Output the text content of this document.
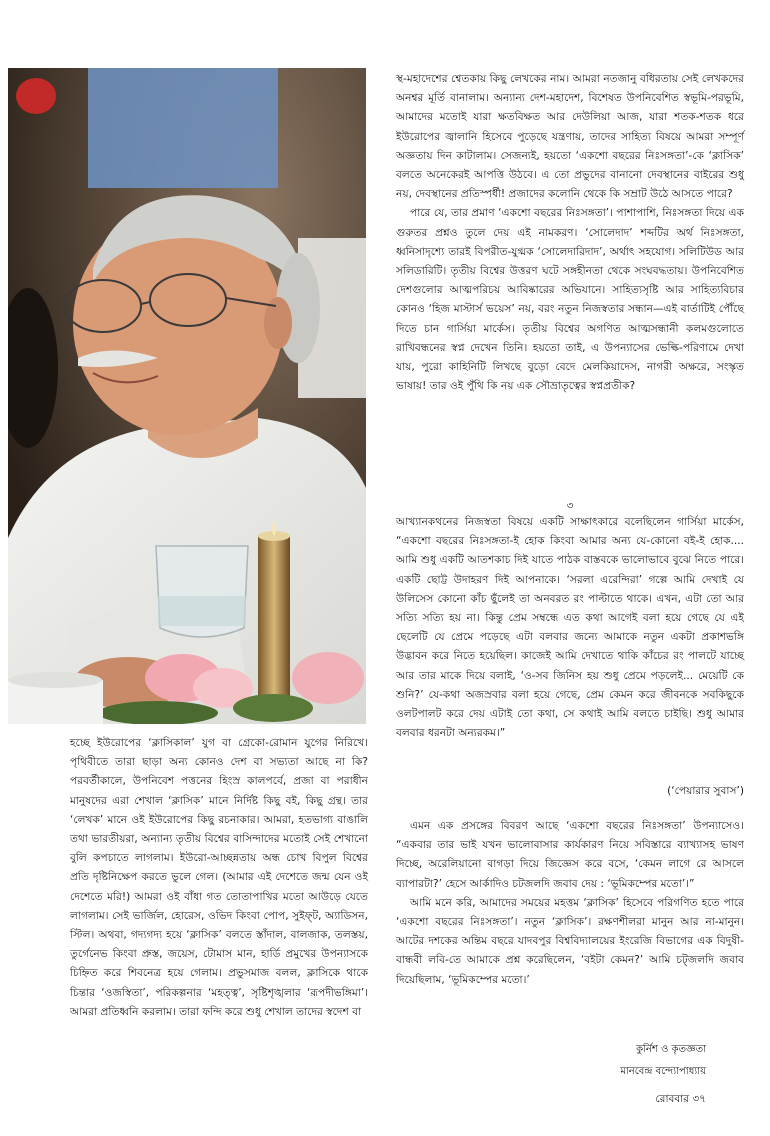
স্থ-মহাদেশের শ্বেতকায় কিছু লেখকের নাম। আমরা নতজানু বধিরতায় সেই লেখকদের অনশ্বর মূর্তি বানালাম। অন্যান্য দেশ-মহাদেশ, বিশেষত উপনিবেশিত স্বভূমি-পরভূমি, আমাদের মতোই যারা ক্ষতবিক্ষত আর দেউলিয়া আজ, যারা শতক-শতক ধরে ইউরোপের জ্বালানি হিসেবে পুড়েছে যন্ত্রণায়, তাদের সাহিত্য বিষয়ে আমরা সম্পূর্ণ অজ্ঞতায় দিন কাটালাম। সেজন্যই, হয়তো ‘একশো বছরের নিঃসঙ্গতা’-কে ‘ক্লাসিক’ বলতে অনেকেরই আপত্তি উঠবে। এ তো প্রভুদের বানানো দেবস্থানের বাইরের শুধু নয়, দেবস্থানের প্রতিস্পর্ধী! প্রজাদের কলোনি থেকে কি সম্রাট উঠে আসতে পারে?

পারে যে, তার প্রমাণ ‘একশো বছরের নিঃসঙ্গতা’। পাশাপাশি, নিঃসঙ্গতা দিয়ে এক গুরুতর প্রশ্নও তুলে দেয় এই নামকরণ। ‘সোলেদাদ’ শব্দটির অর্থ নিঃসঙ্গতা, ধ্বনিসাদৃশ্যে তারই বিপরীত-যুগ্মক ‘সোলেদারিদাদ’, অর্থাৎ সহযোগ। সলিটিউড আর সলিডারিটি। তৃতীয় বিশ্বের উত্তরণ ঘটে সঙ্গহীনতা থেকে সংঘবদ্ধতায়। উপনিবেশিত দেশগুলোর আত্মপরিচয় আবিষ্কারের অভিযানে। সাহিত্যসৃষ্টি আর সাহিত্যবিচার কোনও ‘হিজ মাস্টার্স ভয়েস’ নয়, বরং নতুন নিজস্বতার সন্ধান—এই বার্তাটিই পৌঁছে দিতে চান গার্সিয়া মার্কেস। তৃতীয় বিশ্বের অগণিত আত্মসন্ধানী কলমগুলোতে রাখিবন্ধনের স্বপ্ন দেখেন তিনি। হয়তো তাই, এ উপন্যাসের ভেল্কি-পরিণামে দেখা যায়, পুরো কাহিনিটি লিখছে বুড়ো বেদে মেলকিয়াদেস, নাগরী অক্ষরে, সংস্কৃত ভাষায়! তার ওই পুঁথি কি নয় এক সৌভ্রাতৃত্বের স্বপ্নপ্রতীক?

৩

আখ্যানকথনের নিজস্বতা বিষয়ে একটি সাক্ষাৎকারে বলেছিলেন গার্সিয়া মার্কেস, “একশো বছরের নিঃসঙ্গতা-ই হোক কিংবা আমার অন্য যে-কোনো বই-ই হোক.... আমি শুধু একটি আতশকাচ দিই যাতে পাঠক বাস্তবকে ভালোভাবে বুঝে নিতে পারে। একটি ছোট্ট উদাহরণ দিই আপনাকে। ‘সরলা এরেন্দিরা’ গল্পে আমি দেখাই যে উলিসেস কোনো কাঁচ ছুঁলেই তা অনবরত রং পাল্টাতে থাকে। এখন, এটা তো আর সত্যি সত্যি হয় না। কিন্তু প্রেম সম্বন্ধে এত কথা আগেই বলা হয়ে গেছে যে এই ছেলেটি যে প্রেমে পড়েছে এটা বলবার জন্যে আমাকে নতুন একটা প্রকাশভঙ্গি উদ্ভাবন করে নিতে হয়েছিল। কাজেই আমি দেখাতে থাকি কাঁচের রং পালটে যাচ্ছে আর তার মাকে দিয়ে বলাই, ‘ও-সব জিনিস হয় শুধু প্রেমে পড়লেই... মেয়েটি কে শুনি?’ যে-কথা অজস্রবার বলা হয়ে গেছে, প্রেম কেমন করে জীবনকে সবকিছুকে ওলটপালট করে দেয় এটাই তো কথা, সে কথাই আমি বলতে চাইছি। শুধু আমার বলবার ধরনটা অন্যরকম।”

(‘পেয়ারার সুবাস’)

এমন এক প্রসঙ্গের বিবরণ আছে ‘একশো বছরের নিঃসঙ্গতা’ উপন্যাসেও। “একবার তার ভাই যখন ভালোবাসার কার্যকারণ নিয়ে সবিস্তারে ব্যাখ্যাসহ ভাষণ দিচ্ছে, অরেলিয়ানো বাগড়া দিয়ে জিজ্ঞেস করে বসে, ‘কেমন লাগে রে আসলে ব্যাপারটা?’ হেসে আর্কাদিও চটজলদি জবাব দেয় : ‘ভূমিকম্পের মতো’।”

আমি মনে করি, আমাদের সময়ের মহত্তম ‘ক্লাসিক’ হিসেবে পরিগণিত হতে পারে ‘একশো বছরের নিঃসঙ্গতা’। নতুন ‘ক্লাসিক’। রক্ষণশীলরা মানুন আর না-মানুন। আটের দশকের অন্তিম বছরে যাদবপুর বিশ্ববিদ্যালয়ের ইংরেজি বিভাগের এক বিদুষী-বান্ধবী লবি-তে আমাকে প্রশ্ন করেছিলেন, ‘বইটা কেমন?’ আমি চট্‌জলদি জবাব দিয়েছিলাম, ‘ভূমিকম্পের মতো।’

হচ্ছে ইউরোপের ‘ক্লাসিকাল’ যুগ বা গ্রেকো-রোমান যুগের নিরিখে। পৃথিবীতে তারা ছাড়া অন্য কোনও দেশ বা সভ্যতা আছে না কি? পরবর্তীকালে, উপনিবেশ পত্তনের হিংস্র কালপর্বে, প্রজা বা পরাধীন মানুষদের এরা শেখাল ‘ক্লাসিক’ মানে নির্দিষ্ট কিছু বই, কিছু গ্রন্থ। তার ‘লেখক’ মানে ওই ইউরোপের কিছু রচনাকার। আমরা, হতভাগ্য বাঙালি তথা ভারতীয়রা, অন্যান্য তৃতীয় বিশ্বের বাসিন্দাদের মতোই সেই শেখানো বুলি কপচাতে লাগলাম। ইউরো-আচ্ছন্নতায় অন্ধ চোখ বিপুল বিশ্বের প্রতি দৃষ্টিনিক্ষেপ করতে ভুলে গেল। (আমার এই দেশেতে জন্ম যেন ওই দেশেতে মরি!) আমরা ওই বাঁধা গত তোতাপাখির মতো আউড়ে যেতে লাগলাম। সেই ভার্জিল, হোরেস, ওভিদ কিংবা পোপ, সুইফ্‌ট, অ্যাডিসন, স্টিল। অথবা, গদ্যগদ্য হয়ে ‘ক্লাসিক’ বলতে স্তাঁদাল, বালজাক, তলস্তয়, তুর্গেনেভ কিংবা প্রুস্ত, জয়েস, টোমাস মান, হার্ডি প্রমুখের উপন্যাসকে চিহ্নিত করে শিবনেত্র হয়ে গেলাম। প্রভুসমাজ বলল, ক্লাসিকে থাকে চিন্তার ‘ওজস্বিতা’, পরিকল্পনার ‘মহত্ত্ব’, সৃষ্টিশৃঙ্খলার ‘রূপদীভঙ্গিমা’। আমরা প্রতিধ্বনি করলাম। তারা ফন্দি করে শুধু শেখাল তাদের স্বদেশ বা

কুর্নিশ ও কৃতজ্ঞতা
মানবেন্দ্র বন্দ্যোপাধ্যায়
রোববার ৩৭
